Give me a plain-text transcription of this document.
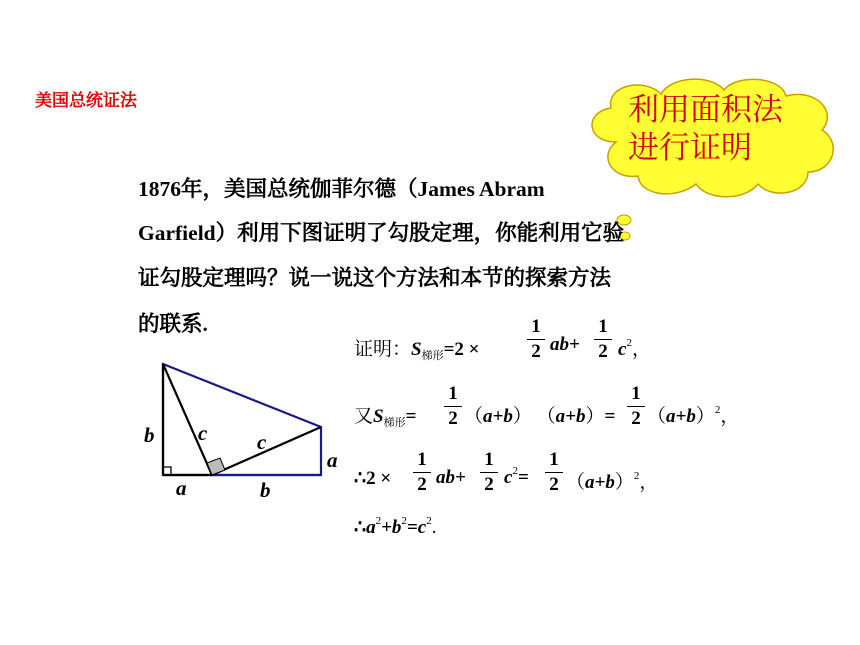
美国总统证法	利用面积法
进行证明
1876年，美国总统伽菲尔德（James Abram
Garfield）利用下图证明了勾股定理，你能利用它验
证勾股定理吗？说一说这个方法和本节的探索方法
的联系.
b c c
a
a	b
证明：$S_{梯形}=2$ ×
1
2 ab+
1
2 $c^2$，
又$S_{梯形}=$
1
2 （a+b） （a+b）=
1
2 $(a+b)^2$，
∴2 ×
1
2 ab+
1
2 $c^2=$
1
2 $(a+b)^2$，
$\therefore a^2+b^2=c^2$.
